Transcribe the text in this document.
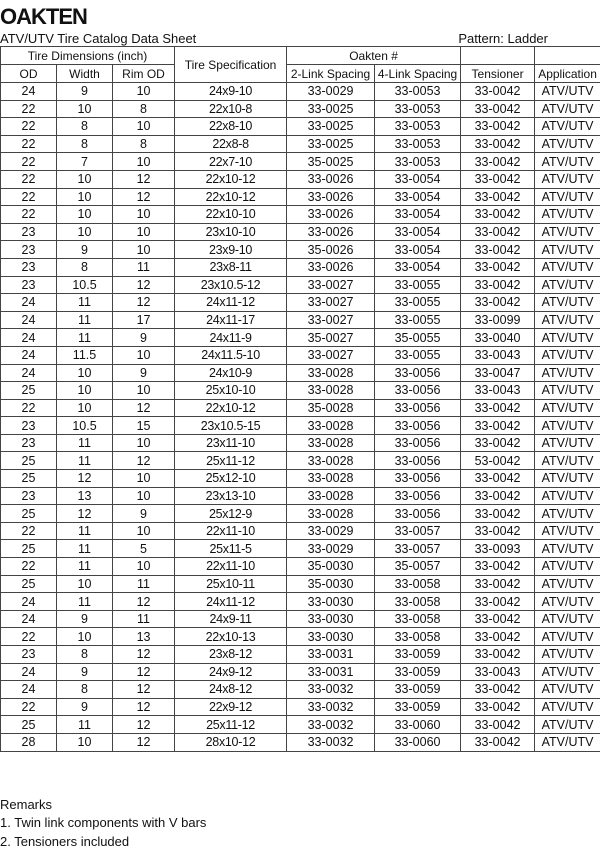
OAKTEN
ATV/UTV Tire Catalog Data Sheet	Pattern: Ladder
Tire Dimensions (inch)			Tire Specification	Oakten #			
OD	Width	Rim OD		2-Link Spacing	4-Link Spacing	Tensioner	Application
24	9	10	24x9-10	33-0029	33-0053	33-0042	ATV/UTV
22	10	8	22x10-8	33-0025	33-0053	33-0042	ATV/UTV
22	8	10	22x8-10	33-0025	33-0053	33-0042	ATV/UTV
22	8	8	22x8-8	33-0025	33-0053	33-0042	ATV/UTV
22	7	10	22x7-10	35-0025	33-0053	33-0042	ATV/UTV
22	10	12	22x10-12	33-0026	33-0054	33-0042	ATV/UTV
22	10	12	22x10-12	33-0026	33-0054	33-0042	ATV/UTV
22	10	10	22x10-10	33-0026	33-0054	33-0042	ATV/UTV
23	10	10	23x10-10	33-0026	33-0054	33-0042	ATV/UTV
23	9	10	23x9-10	35-0026	33-0054	33-0042	ATV/UTV
23	8	11	23x8-11	33-0026	33-0054	33-0042	ATV/UTV
23	10.5	12	23x10.5-12	33-0027	33-0055	33-0042	ATV/UTV
24	11	12	24x11-12	33-0027	33-0055	33-0042	ATV/UTV
24	11	17	24x11-17	33-0027	33-0055	33-0099	ATV/UTV
24	11	9	24x11-9	35-0027	35-0055	33-0040	ATV/UTV
24	11.5	10	24x11.5-10	33-0027	33-0055	33-0043	ATV/UTV
24	10	9	24x10-9	33-0028	33-0056	33-0047	ATV/UTV
25	10	10	25x10-10	33-0028	33-0056	33-0043	ATV/UTV
22	10	12	22x10-12	35-0028	33-0056	33-0042	ATV/UTV
23	10.5	15	23x10.5-15	33-0028	33-0056	33-0042	ATV/UTV
23	11	10	23x11-10	33-0028	33-0056	33-0042	ATV/UTV
25	11	12	25x11-12	33-0028	33-0056	53-0042	ATV/UTV
25	12	10	25x12-10	33-0028	33-0056	33-0042	ATV/UTV
23	13	10	23x13-10	33-0028	33-0056	33-0042	ATV/UTV
25	12	9	25x12-9	33-0028	33-0056	33-0042	ATV/UTV
22	11	10	22x11-10	33-0029	33-0057	33-0042	ATV/UTV
25	11	5	25x11-5	33-0029	33-0057	33-0093	ATV/UTV
22	11	10	22x11-10	35-0030	35-0057	33-0042	ATV/UTV
25	10	11	25x10-11	35-0030	33-0058	33-0042	ATV/UTV
24	11	12	24x11-12	33-0030	33-0058	33-0042	ATV/UTV
24	9	11	24x9-11	33-0030	33-0058	33-0042	ATV/UTV
22	10	13	22x10-13	33-0030	33-0058	33-0042	ATV/UTV
23	8	12	23x8-12	33-0031	33-0059	33-0042	ATV/UTV
24	9	12	24x9-12	33-0031	33-0059	33-0043	ATV/UTV
24	8	12	24x8-12	33-0032	33-0059	33-0042	ATV/UTV
22	9	12	22x9-12	33-0032	33-0059	33-0042	ATV/UTV
25	11	12	25x11-12	33-0032	33-0060	33-0042	ATV/UTV
28	10	12	28x10-12	33-0032	33-0060	33-0042	ATV/UTV
Remarks
1. Twin link components with V bars
2. Tensioners included
